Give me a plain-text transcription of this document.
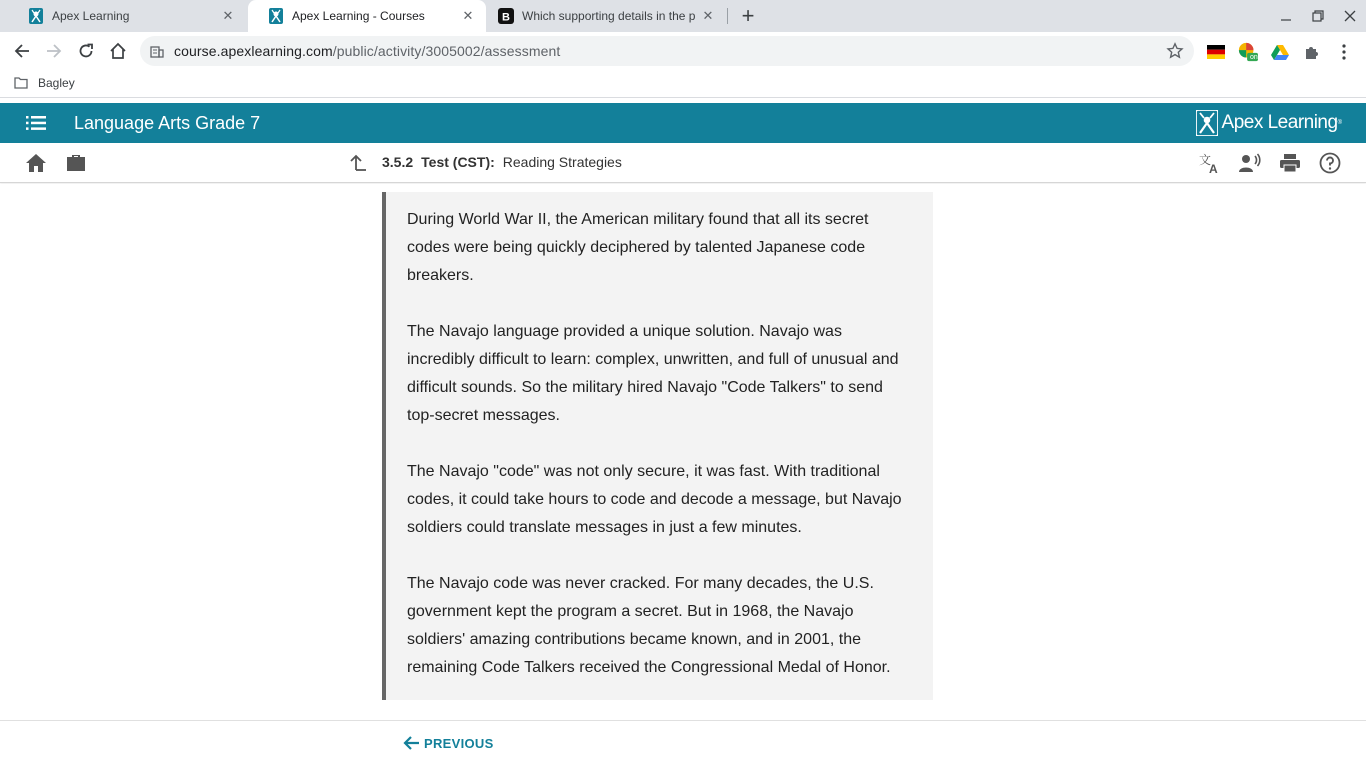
Apex Learning	✕	Apex Learning - Courses	✕	B Which supporting details in the p ✕ +
course.apexlearning.com/public/activity/3005002/assessment	on
Bagley
Language Arts Grade 7	Apex Learning ®
3.5.2 Test (CST): Reading Strategies	文
A

During World War II, the American military found that all its secret codes were being quickly deciphered by talented Japanese code breakers.

The Navajo language provided a unique solution. Navajo was incredibly difficult to learn: complex, unwritten, and full of unusual and difficult sounds. So the military hired Navajo "Code Talkers" to send top-secret messages.

The Navajo "code" was not only secure, it was fast. With traditional codes, it could take hours to code and decode a message, but Navajo soldiers could translate messages in just a few minutes.

The Navajo code was never cracked. For many decades, the U.S. government kept the program a secret. But in 1968, the Navajo soldiers' amazing contributions became known, and in 2001, the remaining Code Talkers received the Congressional Medal of Honor.

PREVIOUS
